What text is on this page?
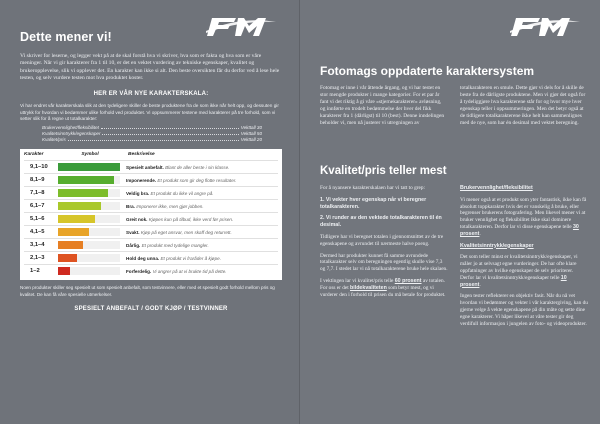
Dette mener vi!

Vi skriver for leserne, og legger vekt på at de skal forstå hva vi skriver, hva som er fakta og hva som er våre meninger. Når vi gir karakterer fra 1 til 10, er det en vektet vurdering av tekniske egenskaper, kvalitet og brukeropplevelse, slik vi opplever det. En karakter kan ikke si alt. Den beste oversikten får du derfor ved å lese hele testen, og selv vurdere testen mot hva produktet koster.

HER ER VÅR NYE KARAKTERSKALA:

Vi har endret vår karakterskala slik at den tydeligere skiller de beste produktene fra de som ikke når helt opp, og dessuten gir uttrykk for hvordan vi bedømmer ulike forhold ved produktet. Vi oppsummerer testene med karakterer på tre forhold, som vi setter slik for å regne ut totalkarakter:

Brukervennlighet/fleksibilitet	Vekttall 30
Kvalitetsinntrykk/egenskaper	Vekttall 50
Kvalitet/pris	Vekttall 20
Karakter	Symbol	Beskrivelse
9,1–10	Spesielt anbefalt. Blant de aller beste i sin klasse.
8,1–9	Imponerende. Et produkt som gir deg flotte resultater.
7,1–8	Veldig bra. Et produkt du ikke vil angre på.
6,1–7	Bra. Imponerer ikke, men gjør jobben.
5,1–6	Greit nok. Kjøpes kun på tilbud, ikke verd før prisen.
4,1–5	Svakt. Kjøp på eget ansvar, men skaff deg returrett.
3,1–4	Dårlig. Et produkt med tydelige mangler.
2,1–3	Hold deg unna. Et produkt vi fraråder å kjøpe.
1–2	Forferdelig. Vi angrer på at vi brukte tid på dette.

Noen produkter skiller seg spesielt ut som spesielt anbefalt, som testvinnere, eller med et spesielt godt forhold mellom pris og kvalitet. De kan få våre spesielle utmerkelser.

SPESIELT ANBEFALT / GODT KJØP / TESTVINNER
Fotomags oppdaterte karaktersystem

Fotomag er inne i vår åttende årgang, og vi har testet en stor mengde produkter i mange kategorier. For et par år fant vi det riktig å gi våre «stjernekarakterer» avløsning, og innførte en trodelt bedømmelse der hver del fikk karakterer fra 1 (dårligst) til 10 (best). Denne inndelingen beholder vi, men nå justerer vi utregningen av

totalkarakteren en smule. Dette gjør vi dels for å skille de beste fra de dårligste produktene. Men vi gjør det også for å tydeliggjøre hva karakterene står for og hvor mye hver egenskap teller i oppsummeringen. Men det betyr også at de tidligere totalkarakterene ikke helt kan sammenlignes med de nye, som har én desimal med vektet beregning.

Kvalitet/pris teller mest

For å nyansere karakterskalaen har vi tatt to grep:

1. Vi vekter hver egenskap når vi beregner totalkarakteren.

2. Vi runder av den vektede totalkarakteren til én desimal.

Tidligere har vi beregnet totalen i gjennomsnittet av de tre egenskapene og avrundet til nærmeste halve poeng.

Dermed har produkter kunnet få samme avrundede totalkarakter selv om beregningen egentlig skulle vise 7,3 og 7,7. I stedet lar vi nå totalkarakterene bruke hele skalaen.

I vektingen lar vi kvalitet/pris telle 60 prosent av totalen. For oss er det bildekvaliteten som betyr mest, og vi vurderer den i forhold til prisen du må betale for produktet.

Brukervennlighet/fleksibilitet

Vi mener også at et produkt som yter fantastisk, ikke kan få absolutt toppkarakter hvis det er vanskelig å bruke, eller begrenser brukerens fotografering. Men likevel mener vi at bruker vennlighet og fleksibilitet ikke skal dominere totalkarakteren. Derfor lar vi disse egenskapene telle 30 prosent.

Kvalitetsinntrykk/egenskaper

Det som teller minst er kvalitetsinntrykk/egenskaper, vi måler jo at selvsagt egne vurderinger. De har ofte klare oppfatninger av hvilke egenskaper de selv prioriterer. Derfor lar vi kvalitetsinntrykk/egenskaper telle 10 prosent.

Ingen tester reflekterer en objektiv fasit. Når du nå vet hvordan vi bedømmer og vekter i vår karaktergiving, kan du gjerne velge å vekte egenskapene på din måte og sette dine egne karakterer. Vi håper likevel at våre tester gir deg verdifull informasjon i jungelen av foto- og videoprodukter.
